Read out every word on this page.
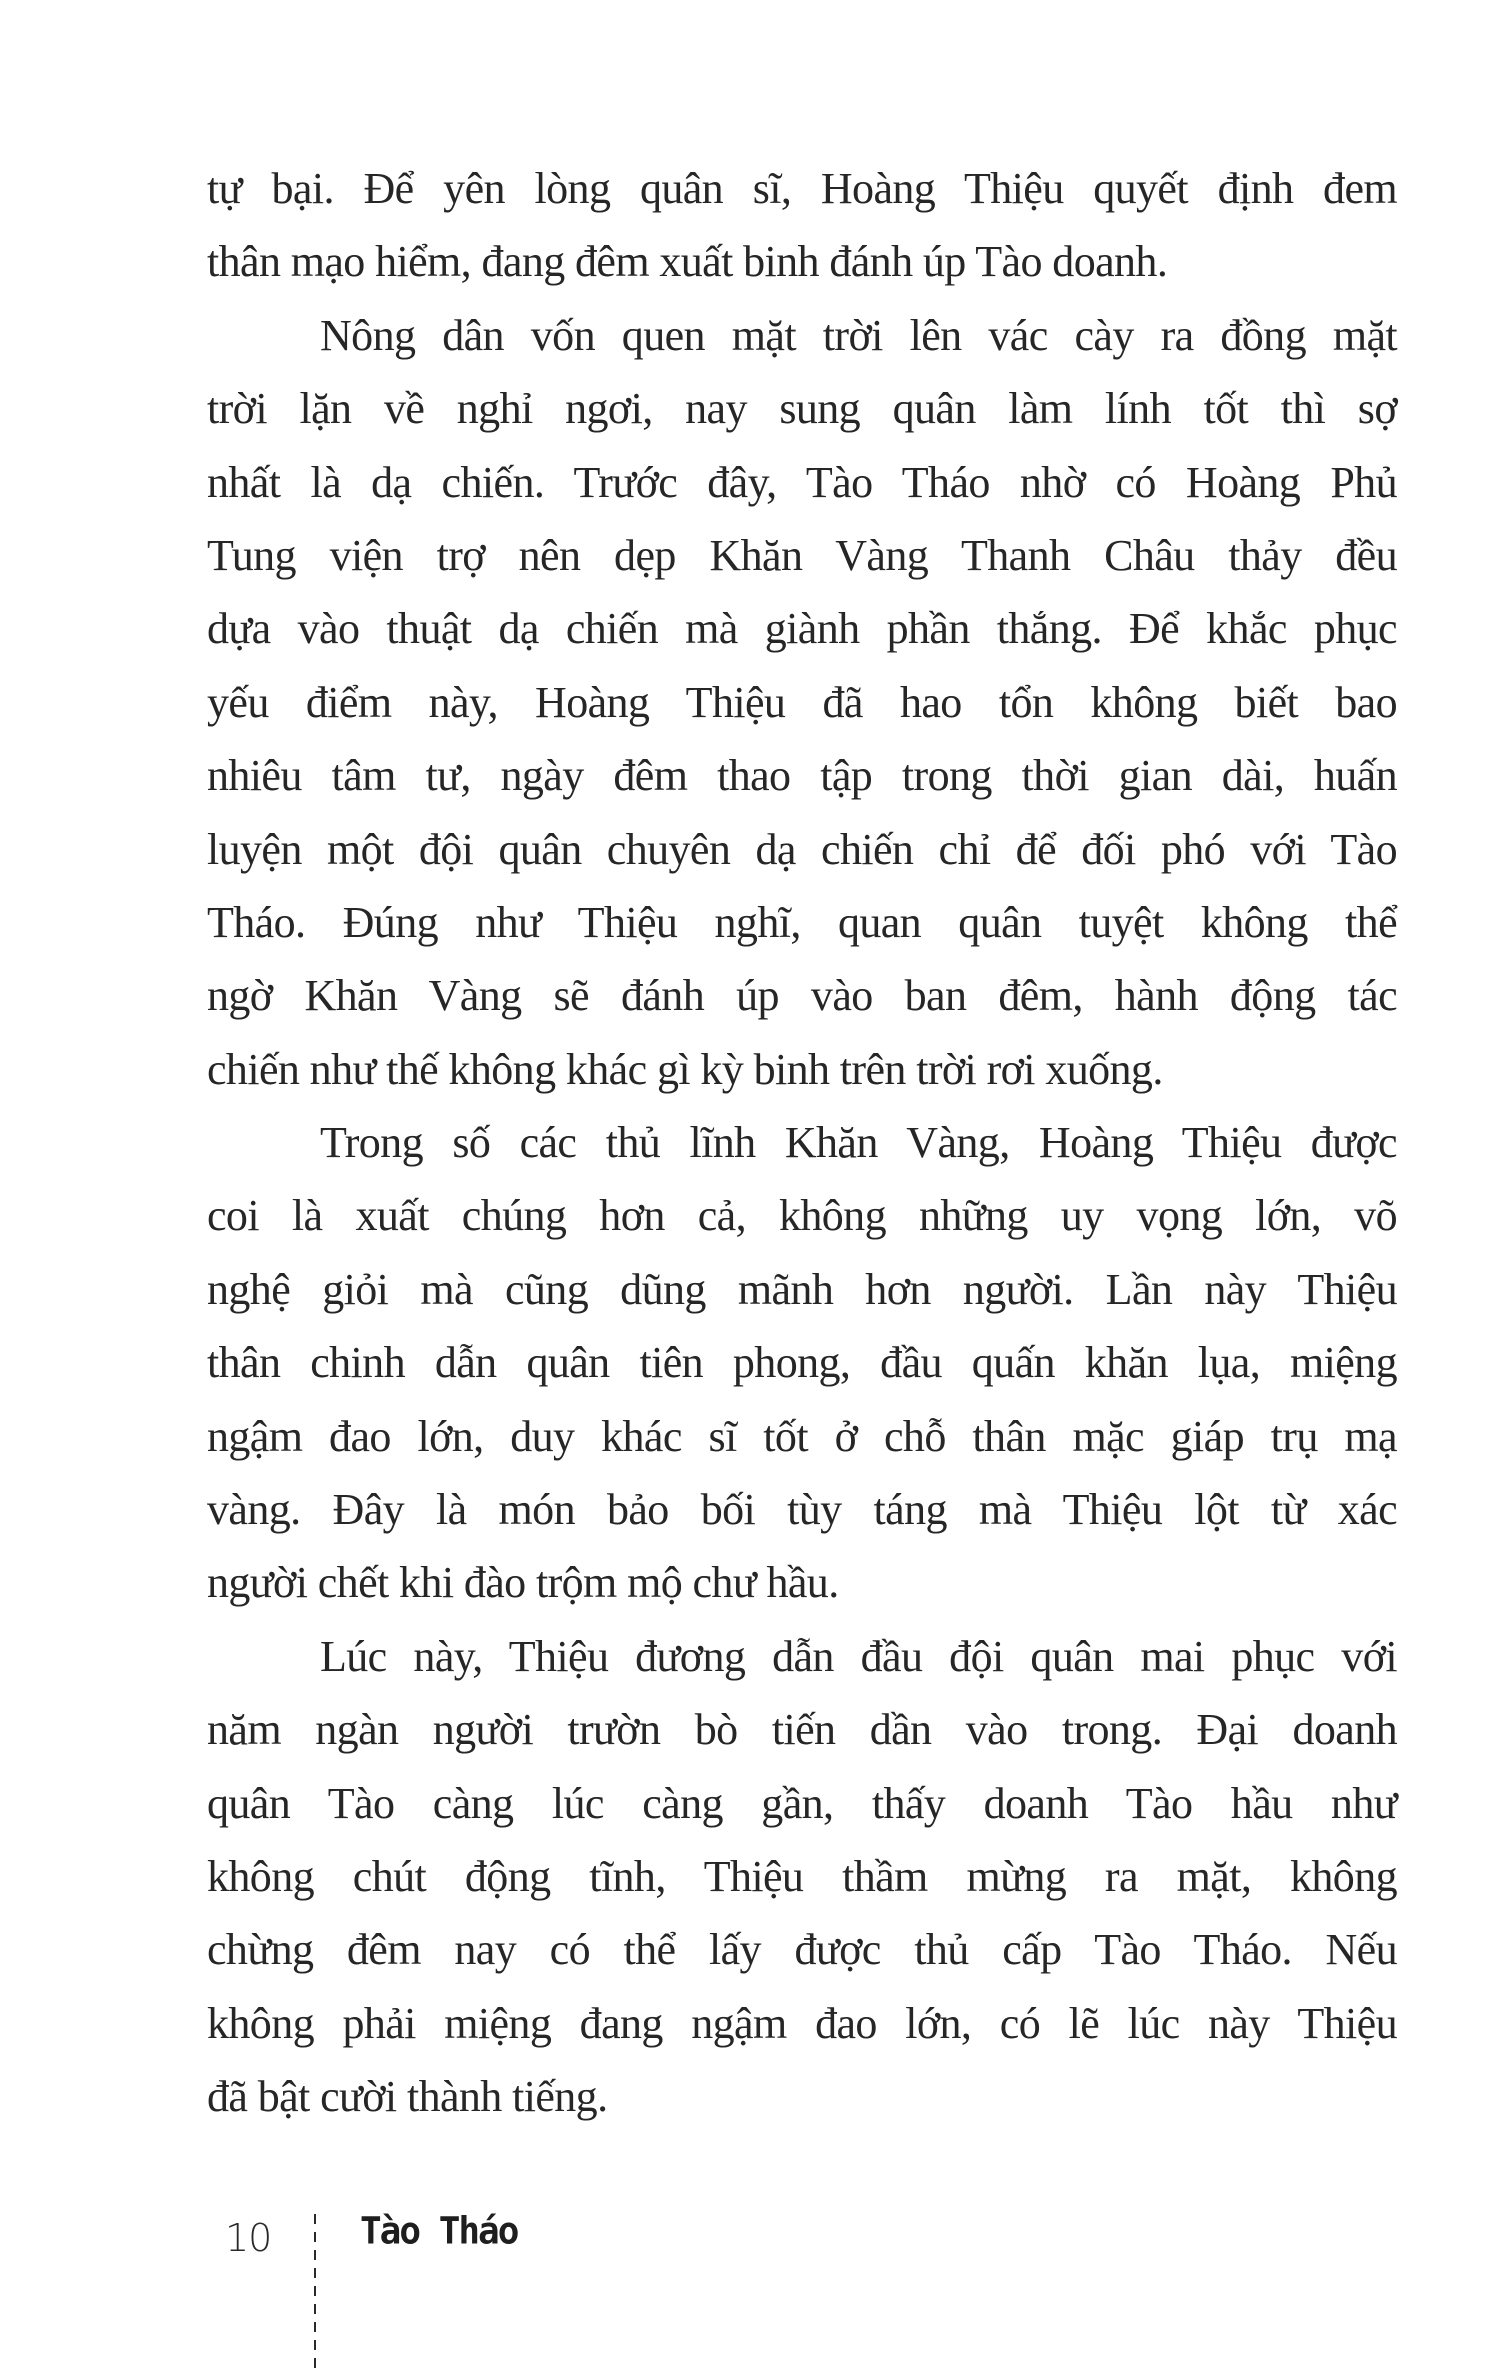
tự bại. Để yên lòng quân sĩ, Hoàng Thiệu quyết định đem
thân mạo hiểm, đang đêm xuất binh đánh úp Tào doanh.
Nông dân vốn quen mặt trời lên vác cày ra đồng mặt
trời lặn về nghỉ ngơi, nay sung quân làm lính tốt thì sợ
nhất là dạ chiến. Trước đây, Tào Tháo nhờ có Hoàng Phủ
Tung viện trợ nên dẹp Khăn Vàng Thanh Châu thảy đều
dựa vào thuật dạ chiến mà giành phần thắng. Để khắc phục
yếu điểm này, Hoàng Thiệu đã hao tổn không biết bao
nhiêu tâm tư, ngày đêm thao tập trong thời gian dài, huấn
luyện một đội quân chuyên dạ chiến chỉ để đối phó với Tào
Tháo. Đúng như Thiệu nghĩ, quan quân tuyệt không thể
ngờ Khăn Vàng sẽ đánh úp vào ban đêm, hành động tác
chiến như thế không khác gì kỳ binh trên trời rơi xuống.
Trong số các thủ lĩnh Khăn Vàng, Hoàng Thiệu được
coi là xuất chúng hơn cả, không những uy vọng lớn, võ
nghệ giỏi mà cũng dũng mãnh hơn người. Lần này Thiệu
thân chinh dẫn quân tiên phong, đầu quấn khăn lụa, miệng
ngậm đao lớn, duy khác sĩ tốt ở chỗ thân mặc giáp trụ mạ
vàng. Đây là món bảo bối tùy táng mà Thiệu lột từ xác
người chết khi đào trộm mộ chư hầu.
Lúc này, Thiệu đương dẫn đầu đội quân mai phục với
năm ngàn người trườn bò tiến dần vào trong. Đại doanh
quân Tào càng lúc càng gần, thấy doanh Tào hầu như
không chút động tĩnh, Thiệu thầm mừng ra mặt, không
chừng đêm nay có thể lấy được thủ cấp Tào Tháo. Nếu
không phải miệng đang ngậm đao lớn, có lẽ lúc này Thiệu
đã bật cười thành tiếng.
10 Tào Tháo
